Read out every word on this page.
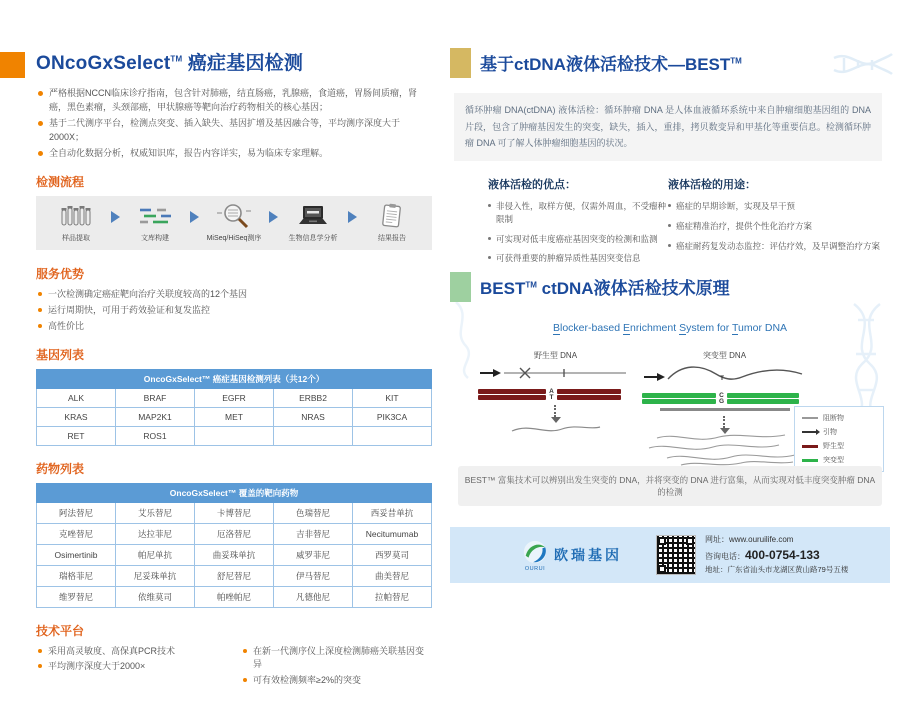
ONcoGxSelect™ 癌症基因检测
严格根据NCCN临床诊疗指南，包含针对肺癌，结直肠癌，乳腺癌，食道癌，胃肠间质瘤，肾癌，黑色素瘤，头颈部癌，甲状腺癌等靶向治疗药物相关的核心基因；
基于二代测序平台，检测点突变、插入缺失、基因扩增及基因融合等，平均测序深度大于2000X；
全自动化数据分析，权威知识库，报告内容详实，易为临床专家理解。
检测流程
样品提取	文库构建	MiSeq/HiSeq测序	生物信息学分析	结果报告
服务优势
一次检测确定癌症靶向治疗关联度较高的12个基因
运行周期快，可用于药效验证和复发监控
高性价比
基因列表
OncoGxSelect™ 癌症基因检测列表（共12个）				
ALK	BRAF	EGFR	ERBB2	KIT
KRAS	MAP2K1	MET	NRAS	PIK3CA
RET	ROS1			
药物列表
OncoGxSelect™ 覆盖的靶向药物				
阿法替尼	艾乐替尼	卡博替尼	色瑞替尼	西妥昔单抗
克唑替尼	达拉菲尼	厄洛替尼	吉非替尼	Necitumumab
Osimertinib	帕尼单抗	曲妥珠单抗	威罗菲尼	西罗莫司
瑞格菲尼	尼妥珠单抗	舒尼替尼	伊马替尼	曲美替尼
维罗替尼	依维莫司	帕唑帕尼	凡德他尼	拉帕替尼
技术平台
采用高灵敏度、高保真PCR技术
平均测序深度大于2000×
在新一代测序仪上深度检测肺癌关联基因变异
可有效检测频率≥2%的突变
基于ctDNA液体活检技术—BEST™
循环肿瘤 DNA(ctDNA) 液体活检：循环肿瘤 DNA 是人体血液循环系统中来自肿瘤细胞基因组的 DNA 片段，包含了肿瘤基因发生的突变，缺失，插入，重排，拷贝数变异和甲基化等重要信息。检测循环肿瘤 DNA 可了解人体肿瘤细胞基因的状况。
液体活检的优点：
非侵入性，取样方便，仅需外周血，不受瘤种限制
可实现对低丰度癌症基因突变的检测和监测
可获得重要的肿瘤异质性基因突变信息
液体活检的用途：
癌症的早期诊断，实现及早干预
癌症精准治疗，提供个性化治疗方案
癌症耐药复发动态监控：评估疗效，及早调整治疗方案
BEST™ ctDNA液体活检技术原理
Blocker-based Enrichment System for Tumor DNA
野生型 DNA
A
T
突变型 DNA
T
C
G
阻断物
引物
野生型
突变型
BEST™ 富集技术可以辨别出发生突变的 DNA，并将突变的 DNA 进行富集，从而实现对低丰度突变肿瘤 DNA 的检测
OURUI
欧瑞基因
网址：www.ouruilife.com
咨询电话：400-0754-133
地址：广东省汕头市龙湖区黄山路79号五楼
